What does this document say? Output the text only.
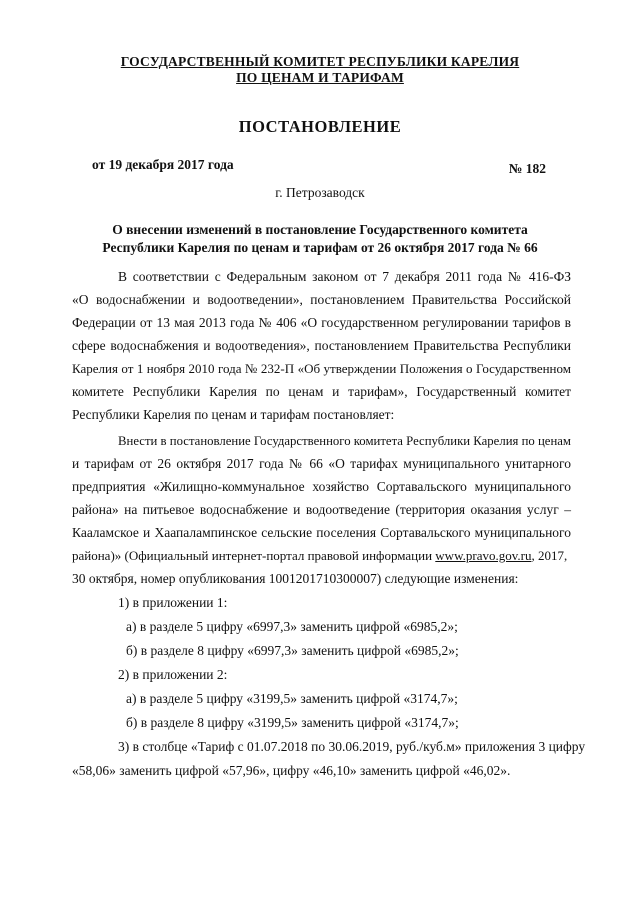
ГОСУДАРСТВЕННЫЙ КОМИТЕТ РЕСПУБЛИКИ КАРЕЛИЯ

ПО ЦЕНАМ И ТАРИФАМ

ПОСТАНОВЛЕНИЕ

от 19 декабря 2017 года	№ 182

г. Петрозаводск

О внесении изменений в постановление Государственного комитета

Республики Карелия по ценам и тарифам от 26 октября 2017 года № 66

В соответствии с Федеральным законом от 7 декабря 2011 года № 416-ФЗ

«О водоснабжении и водоотведении», постановлением Правительства Российской

Федерации от 13 мая 2013 года № 406 «О государственном регулировании тарифов в

сфере водоснабжения и водоотведения», постановлением Правительства Республики

Карелия от 1 ноября 2010 года № 232-П «Об утверждении Положения о Государственном

комитете Республики Карелия по ценам и тарифам», Государственный комитет

Республики Карелия по ценам и тарифам постановляет:

Внести в постановление Государственного комитета Республики Карелия по ценам

и тарифам от 26 октября 2017 года № 66 «О тарифах муниципального унитарного

предприятия «Жилищно-коммунальное хозяйство Сортавальского муниципального

района» на питьевое водоснабжение и водоотведение (территория оказания услуг –

Каaламское и Хаапалампинское сельские поселения Сортавальского муниципального

района)» (Официальный интернет-портал правовой информации www.pravo.gov.ru, 2017,

30 октября, номер опубликования 1001201710300007) следующие изменения:

1) в приложении 1:

а) в разделе 5 цифру «6997,3» заменить цифрой «6985,2»;

б) в разделе 8 цифру «6997,3» заменить цифрой «6985,2»;

2) в приложении 2:

а) в разделе 5 цифру «3199,5» заменить цифрой «3174,7»;

б) в разделе 8 цифру «3199,5» заменить цифрой «3174,7»;

3) в столбце «Тариф с 01.07.2018 по 30.06.2019, руб./куб.м» приложения 3 цифру

«58,06» заменить цифрой «57,96», цифру «46,10» заменить цифрой «46,02».
